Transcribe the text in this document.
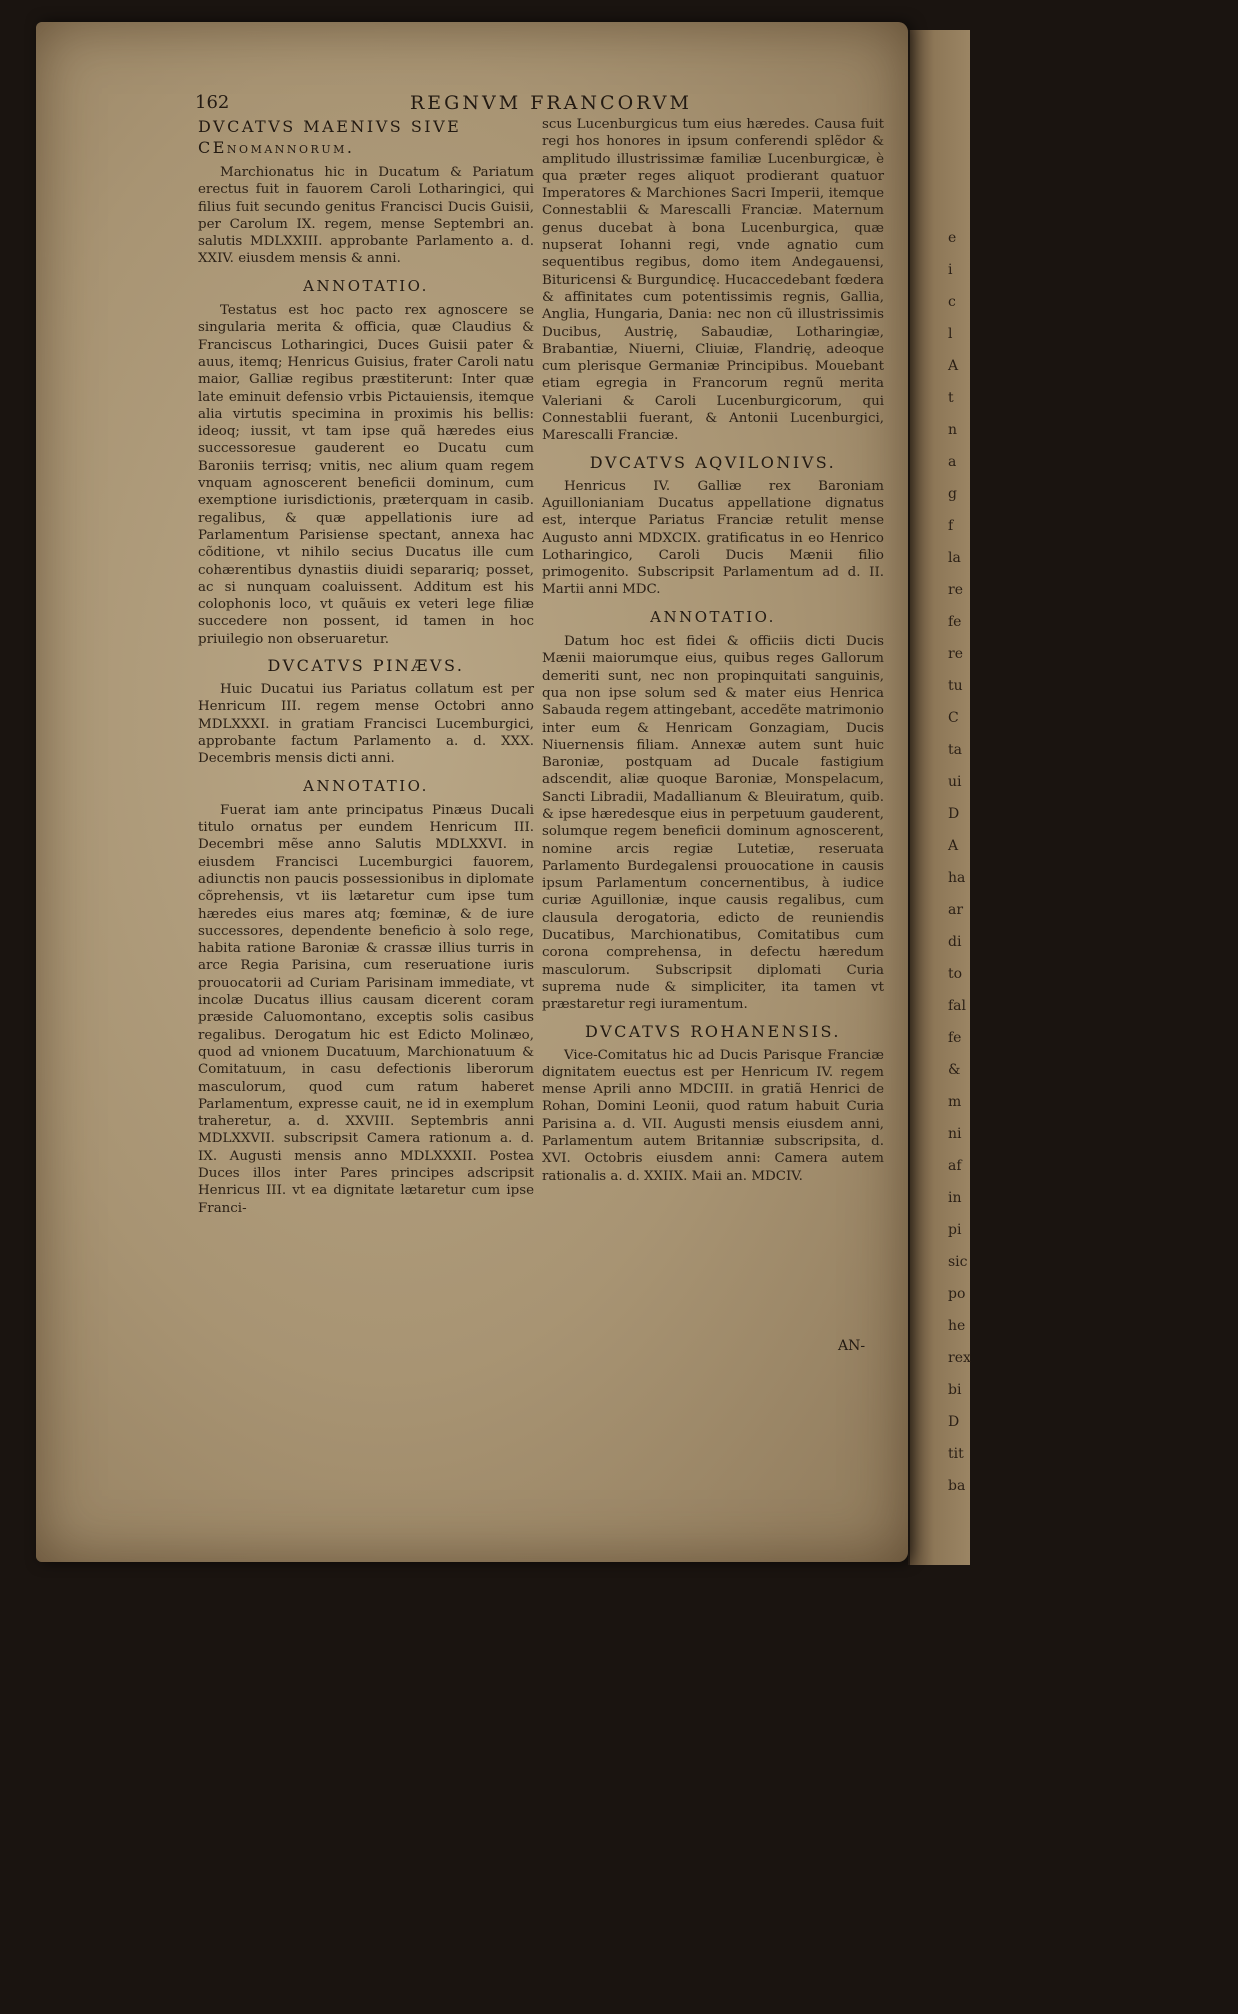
e
i
c
l
A
t
n
a
g
f
la
re
fe
re
tu
C
ta
ui
D
A
ha
ar
di
to
fal
fe
&
m
ni
af
in
pi
sic
po
he
rex
bi
D
tit
ba
162	REGNVM FRANCORVM
DVCATVS MAENIVS SIVE CEnomannorum.

Marchionatus hic in Ducatum & Pariatum erectus fuit in fauorem Caroli Lotharingici, qui filius fuit secundo genitus Francisci Ducis Guisii, per Carolum IX. regem, mense Septembri an. salutis MDLXXIII. approbante Parlamento a. d. XXIV. eiusdem mensis & anni.

ANNOTATIO.

Testatus est hoc pacto rex agnoscere se singularia merita & officia, quæ Claudius & Franciscus Lotharingici, Duces Guisii pater & auus, itemq; Henricus Guisius, frater Caroli natu maior, Galliæ regibus præstiterunt: Inter quæ late eminuit defensio vrbis Pictauiensis, itemque alia virtutis specimina in proximis his bellis: ideoq; iussit, vt tam ipse quã hæredes eius successoresue gauderent eo Ducatu cum Baroniis terrisq; vnitis, nec alium quam regem vnquam agnoscerent beneficii dominum, cum exemptione iurisdictionis, præterquam in casib. regalibus, & quæ appellationis iure ad Parlamentum Parisiense spectant, annexa hac cõditione, vt nihilo secius Ducatus ille cum cohærentibus dynastiis diuidi separariq; posset, ac si nunquam coaluissent. Additum est his colophonis loco, vt quãuis ex veteri lege filiæ succedere non possent, id tamen in hoc priuilegio non obseruaretur.

DVCATVS PINÆVS.

Huic Ducatui ius Pariatus collatum est per Henricum III. regem mense Octobri anno MDLXXXI. in gratiam Francisci Lucemburgici, approbante factum Parlamento a. d. XXX. Decembris mensis dicti anni.

ANNOTATIO.

Fuerat iam ante principatus Pinæus Ducali titulo ornatus per eundem Henricum III. Decembri mẽse anno Salutis MDLXXVI. in eiusdem Francisci Lucemburgici fauorem, adiunctis non paucis possessionibus in diplomate cõprehensis, vt iis lætaretur cum ipse tum hæredes eius mares atq; fœminæ, & de iure successores, dependente beneficio à solo rege, habita ratione Baroniæ & crassæ illius turris in arce Regia Parisina, cum reseruatione iuris prouocatorii ad Curiam Parisinam immediate, vt incolæ Ducatus illius causam dicerent coram præside Caluomontano, exceptis solis casibus regalibus. Derogatum hic est Edicto Molinæo, quod ad vnionem Ducatuum, Marchionatuum & Comitatuum, in casu defectionis liberorum masculorum, quod cum ratum haberet Parlamentum, expresse cauit, ne id in exemplum traheretur, a. d. XXVIII. Septembris anni MDLXXVII. subscripsit Camera rationum a. d. IX. Augusti mensis anno MDLXXXII. Postea Duces illos inter Pares principes adscripsit Henricus III. vt ea dignitate lætaretur cum ipse Franci-

scus Lucenburgicus tum eius hæredes. Causa fuit regi hos honores in ipsum conferendi splẽdor & amplitudo illustrissimæ familiæ Lucenburgicæ, è qua præter reges aliquot prodierant quatuor Imperatores & Marchiones Sacri Imperii, itemque Connestablii & Marescalli Franciæ. Maternum genus ducebat à bona Lucenburgica, quæ nupserat Iohanni regi, vnde agnatio cum sequentibus regibus, domo item Andegauensi, Bituricensi & Burgundicę. Hucaccedebant fœdera & affinitates cum potentissimis regnis, Gallia, Anglia, Hungaria, Dania: nec non cũ illustrissimis Ducibus, Austrię, Sabaudiæ, Lotharingiæ, Brabantiæ, Niuerni, Cliuiæ, Flandrię, adeoque cum plerisque Germaniæ Principibus. Mouebant etiam egregia in Francorum regnũ merita Valeriani & Caroli Lucenburgicorum, qui Connestablii fuerant, & Antonii Lucenburgici, Marescalli Franciæ.

DVCATVS AQVILONIVS.

Henricus IV. Galliæ rex Baroniam Aguillonianiam Ducatus appellatione dignatus est, interque Pariatus Franciæ retulit mense Augusto anni MDXCIX. gratificatus in eo Henrico Lotharingico, Caroli Ducis Mænii filio primogenito. Subscripsit Parlamentum ad d. II. Martii anni MDC.

ANNOTATIO.

Datum hoc est fidei & officiis dicti Ducis Mænii maiorumque eius, quibus reges Gallorum demeriti sunt, nec non propinquitati sanguinis, qua non ipse solum sed & mater eius Henrica Sabauda regem attingebant, accedẽte matrimonio inter eum & Henricam Gonzagiam, Ducis Niuernensis filiam. Annexæ autem sunt huic Baroniæ, postquam ad Ducale fastigium adscendit, aliæ quoque Baroniæ, Monspelacum, Sancti Libradii, Madallianum & Bleuiratum, quib. & ipse hæredesque eius in perpetuum gauderent, solumque regem beneficii dominum agnoscerent, nomine arcis regiæ Lutetiæ, reseruata Parlamento Burdegalensi prouocatione in causis ipsum Parlamentum concernentibus, à iudice curiæ Aguilloniæ, inque causis regalibus, cum clausula derogatoria, edicto de reuniendis Ducatibus, Marchionatibus, Comitatibus cum corona comprehensa, in defectu hæredum masculorum. Subscripsit diplomati Curia suprema nude & simpliciter, ita tamen vt præstaretur regi iuramentum.

DVCATVS ROHANENSIS.

Vice-Comitatus hic ad Ducis Parisque Franciæ dignitatem euectus est per Henricum IV. regem mense Aprili anno MDCIII. in gratiã Henrici de Rohan, Domini Leonii, quod ratum habuit Curia Parisina a. d. VII. Augusti mensis eiusdem anni, Parlamentum autem Britanniæ subscripsita, d. XVI. Octobris eiusdem anni: Camera autem rationalis a. d. XXIIX. Maii an. MDCIV.

AN-
